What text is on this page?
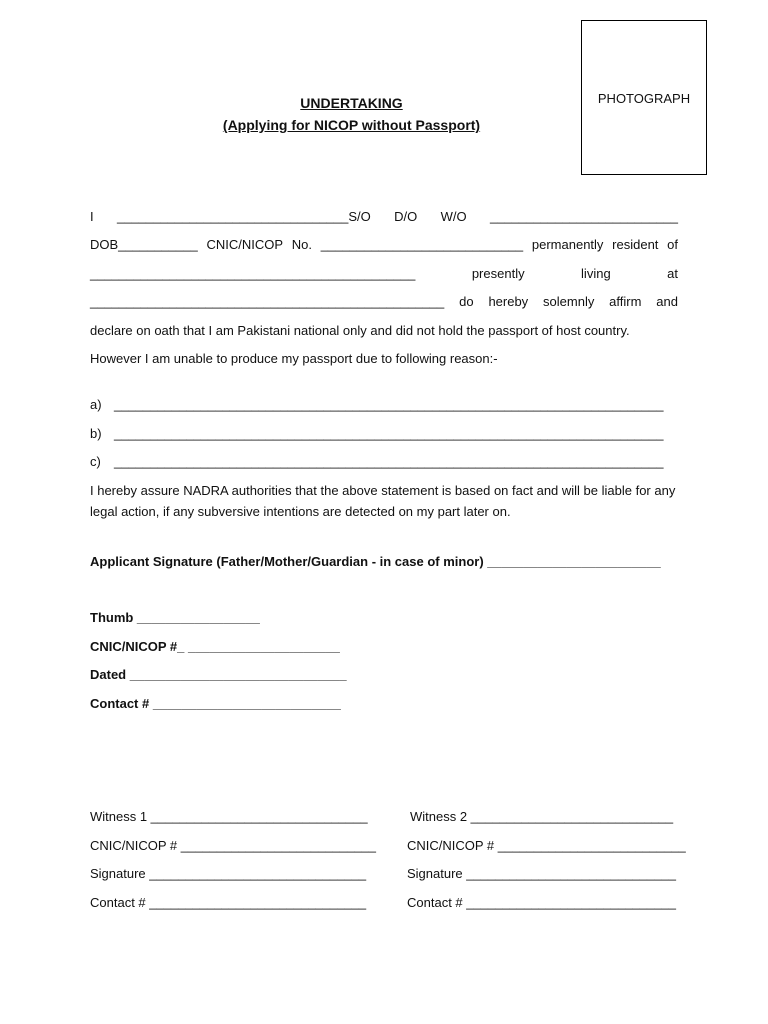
PHOTOGRAPH
UNDERTAKING
(Applying for NICOP without Passport)
I ________________________________S/O D/O W/O __________________________
DOB___________ CNIC/NICOP No. ____________________________ permanently resident of
_____________________________________________	presently	living	at
_________________________________________________ do hereby solemnly affirm and
declare on oath that I am Pakistani national only and did not hold the passport of host country.
However I am unable to produce my passport due to following reason:-
a) ____________________________________________________________________________
b) ____________________________________________________________________________
c) ____________________________________________________________________________
I hereby assure NADRA authorities that the above statement is based on fact and will be liable for any legal action, if any subversive intentions are detected on my part later on.
Applicant Signature (Father/Mother/Guardian - in case of minor) ________________________
Thumb _________________
CNIC/NICOP #_ _____________________
Dated ______________________________
Contact # __________________________
Witness 1 ______________________________
CNIC/NICOP # ___________________________
Signature ______________________________
Contact # ______________________________
Witness 2 ____________________________
CNIC/NICOP # __________________________
Signature _____________________________
Contact # _____________________________
